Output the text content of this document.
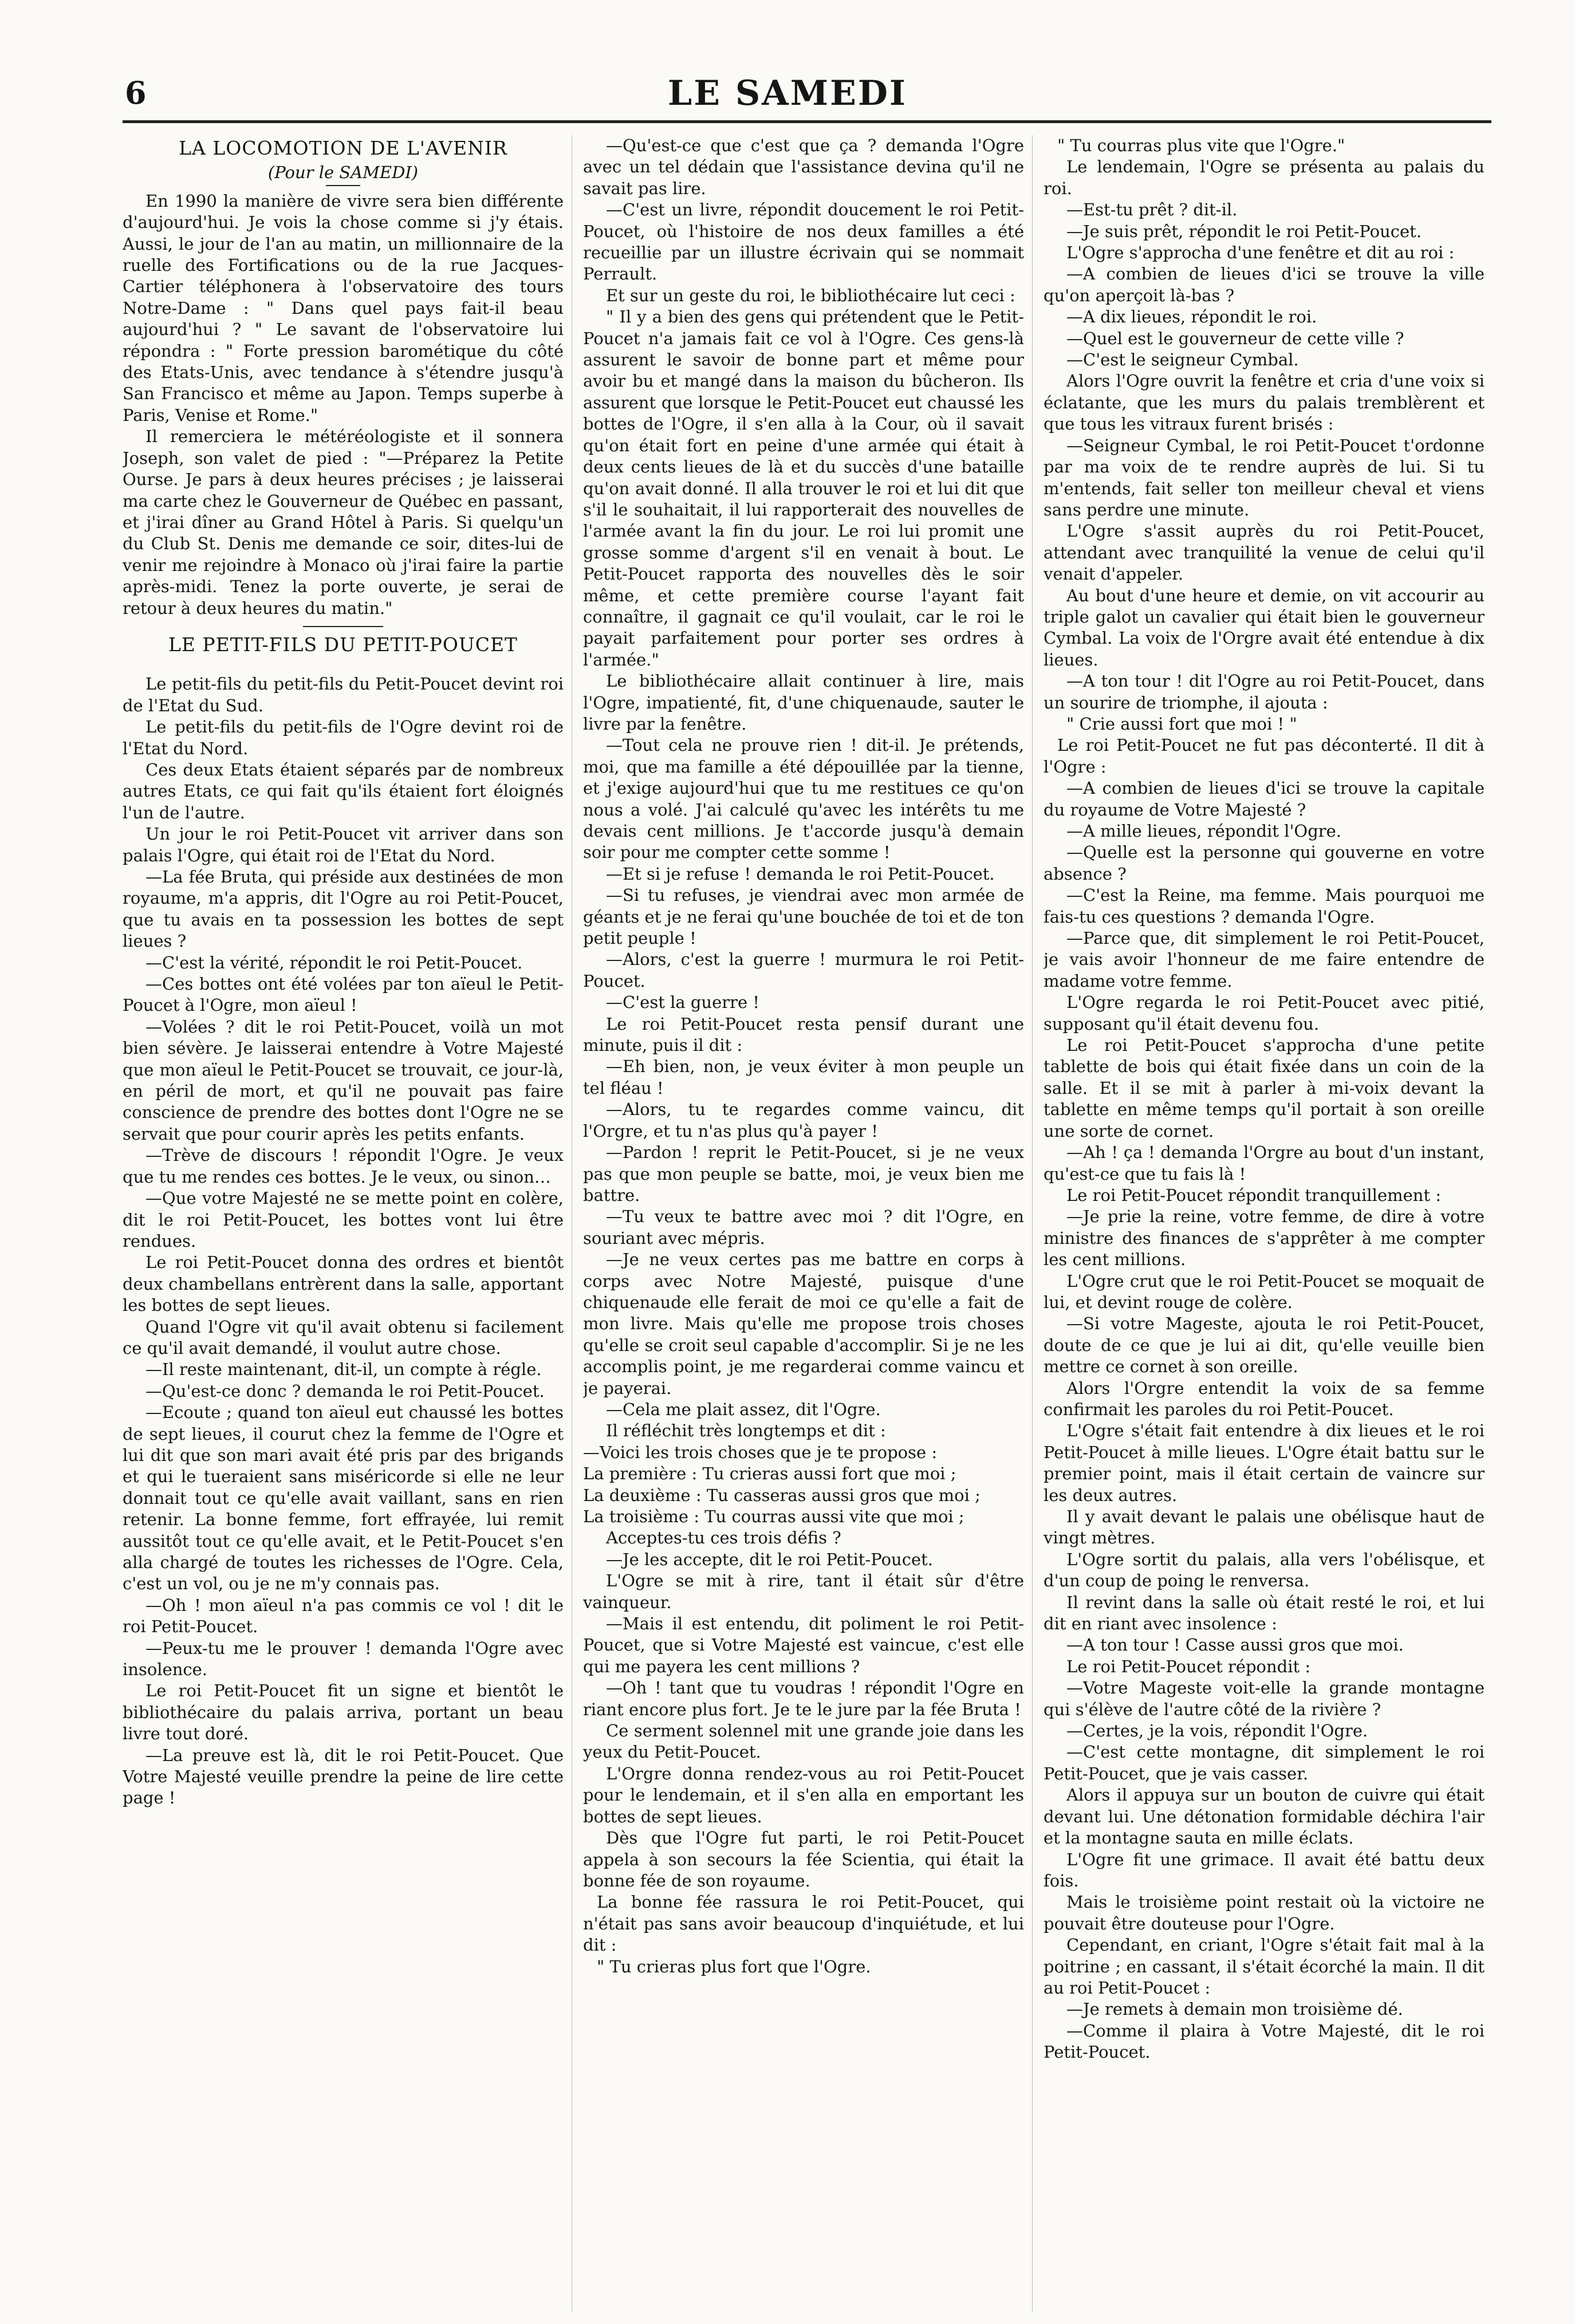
6	LE SAMEDI
LA LOCOMOTION DE L'AVENIR

(Pour le SAMEDI)

En 1990 la manière de vivre sera bien différente d'aujourd'hui. Je vois la chose comme si j'y étais. Aussi, le jour de l'an au matin, un millionnaire de la ruelle des Fortifications ou de la rue Jacques-Cartier téléphonera à l'observatoire des tours Notre-Dame : " Dans quel pays fait-il beau aujourd'hui ? " Le savant de l'observatoire lui répondra : " Forte pression barométique du côté des Etats-Unis, avec tendance à s'étendre jusqu'à San Francisco et même au Japon. Temps superbe à Paris, Venise et Rome."

Il remerciera le météréologiste et il sonnera Joseph, son valet de pied : "—Préparez la Petite Ourse. Je pars à deux heures précises ; je laisserai ma carte chez le Gouverneur de Québec en passant, et j'irai dîner au Grand Hôtel à Paris. Si quelqu'un du Club St. Denis me demande ce soir, dites-lui de venir me rejoindre à Monaco où j'irai faire la partie après-midi. Tenez la porte ouverte, je serai de retour à deux heures du matin."

LE PETIT-FILS DU PETIT-POUCET

Le petit-fils du petit-fils du Petit-Poucet devint roi de l'Etat du Sud.

Le petit-fils du petit-fils de l'Ogre devint roi de l'Etat du Nord.

Ces deux Etats étaient séparés par de nombreux autres Etats, ce qui fait qu'ils étaient fort éloignés l'un de l'autre.

Un jour le roi Petit-Poucet vit arriver dans son palais l'Ogre, qui était roi de l'Etat du Nord.

—La fée Bruta, qui préside aux destinées de mon royaume, m'a appris, dit l'Ogre au roi Petit-Poucet, que tu avais en ta possession les bottes de sept lieues ?

—C'est la vérité, répondit le roi Petit-Poucet.

—Ces bottes ont été volées par ton aïeul le Petit-Poucet à l'Ogre, mon aïeul !

—Volées ? dit le roi Petit-Poucet, voilà un mot bien sévère. Je laisserai entendre à Votre Majesté que mon aïeul le Petit-Poucet se trouvait, ce jour-là, en péril de mort, et qu'il ne pouvait pas faire conscience de prendre des bottes dont l'Ogre ne se servait que pour courir après les petits enfants.

—Trève de discours ! répondit l'Ogre. Je veux que tu me rendes ces bottes. Je le veux, ou sinon…

—Que votre Majesté ne se mette point en colère, dit le roi Petit-Poucet, les bottes vont lui être rendues.

Le roi Petit-Poucet donna des ordres et bientôt deux chambellans entrèrent dans la salle, apportant les bottes de sept lieues.

Quand l'Ogre vit qu'il avait obtenu si facilement ce qu'il avait demandé, il voulut autre chose.

—Il reste maintenant, dit-il, un compte à régle.

—Qu'est-ce donc ? demanda le roi Petit-Poucet.

—Ecoute ; quand ton aïeul eut chaussé les bottes de sept lieues, il courut chez la femme de l'Ogre et lui dit que son mari avait été pris par des brigands et qui le tueraient sans miséricorde si elle ne leur donnait tout ce qu'elle avait vaillant, sans en rien retenir. La bonne femme, fort effrayée, lui remit aussitôt tout ce qu'elle avait, et le Petit-Poucet s'en alla chargé de toutes les richesses de l'Ogre. Cela, c'est un vol, ou je ne m'y connais pas.

—Oh ! mon aïeul n'a pas commis ce vol ! dit le roi Petit-Poucet.

—Peux-tu me le prouver ! demanda l'Ogre avec insolence.

Le roi Petit-Poucet fit un signe et bientôt le bibliothécaire du palais arriva, portant un beau livre tout doré.

—La preuve est là, dit le roi Petit-Poucet. Que Votre Majesté veuille prendre la peine de lire cette page !

—Qu'est-ce que c'est que ça ? demanda l'Ogre avec un tel dédain que l'assistance devina qu'il ne savait pas lire.

—C'est un livre, répondit doucement le roi Petit-Poucet, où l'histoire de nos deux familles a été recueillie par un illustre écrivain qui se nommait Perrault.

Et sur un geste du roi, le bibliothécaire lut ceci :

" Il y a bien des gens qui prétendent que le Petit-Poucet n'a jamais fait ce vol à l'Ogre. Ces gens-là assurent le savoir de bonne part et même pour avoir bu et mangé dans la maison du bûcheron. Ils assurent que lorsque le Petit-Poucet eut chaussé les bottes de l'Ogre, il s'en alla à la Cour, où il savait qu'on était fort en peine d'une armée qui était à deux cents lieues de là et du succès d'une bataille qu'on avait donné. Il alla trouver le roi et lui dit que s'il le souhaitait, il lui rapporterait des nouvelles de l'armée avant la fin du jour. Le roi lui promit une grosse somme d'argent s'il en venait à bout. Le Petit-Poucet rapporta des nouvelles dès le soir même, et cette première course l'ayant fait connaître, il gagnait ce qu'il voulait, car le roi le payait parfaitement pour porter ses ordres à l'armée."

Le bibliothécaire allait continuer à lire, mais l'Ogre, impatienté, fit, d'une chiquenaude, sauter le livre par la fenêtre.

—Tout cela ne prouve rien ! dit-il. Je prétends, moi, que ma famille a été dépouillée par la tienne, et j'exige aujourd'hui que tu me restitues ce qu'on nous a volé. J'ai calculé qu'avec les intérêts tu me devais cent millions. Je t'accorde jusqu'à demain soir pour me compter cette somme !

—Et si je refuse ! demanda le roi Petit-Poucet.

—Si tu refuses, je viendrai avec mon armée de géants et je ne ferai qu'une bouchée de toi et de ton petit peuple !

—Alors, c'est la guerre ! murmura le roi Petit-Poucet.

—C'est la guerre !

Le roi Petit-Poucet resta pensif durant une minute, puis il dit :

—Eh bien, non, je veux éviter à mon peuple un tel fléau !

—Alors, tu te regardes comme vaincu, dit l'Orgre, et tu n'as plus qu'à payer !

—Pardon ! reprit le Petit-Poucet, si je ne veux pas que mon peuple se batte, moi, je veux bien me battre.

—Tu veux te battre avec moi ? dit l'Ogre, en souriant avec mépris.

—Je ne veux certes pas me battre en corps à corps avec Notre Majesté, puisque d'une chiquenaude elle ferait de moi ce qu'elle a fait de mon livre. Mais qu'elle me propose trois choses qu'elle se croit seul capable d'accomplir. Si je ne les accomplis point, je me regarderai comme vaincu et je payerai.

—Cela me plait assez, dit l'Ogre.

Il réfléchit très longtemps et dit :

—Voici les trois choses que je te propose :

La première : Tu crieras aussi fort que moi ;

La deuxième : Tu casseras aussi gros que moi ;

La troisième : Tu courras aussi vite que moi ;

Acceptes-tu ces trois défis ?

—Je les accepte, dit le roi Petit-Poucet.

L'Ogre se mit à rire, tant il était sûr d'être vainqueur.

—Mais il est entendu, dit poliment le roi Petit-Poucet, que si Votre Majesté est vaincue, c'est elle qui me payera les cent millions ?

—Oh ! tant que tu voudras ! répondit l'Ogre en riant encore plus fort. Je te le jure par la fée Bruta !

Ce serment solennel mit une grande joie dans les yeux du Petit-Poucet.

L'Orgre donna rendez-vous au roi Petit-Poucet pour le lendemain, et il s'en alla en emportant les bottes de sept lieues.

Dès que l'Ogre fut parti, le roi Petit-Poucet appela à son secours la fée Scientia, qui était la bonne fée de son royaume.

La bonne fée rassura le roi Petit-Poucet, qui n'était pas sans avoir beaucoup d'inquiétude, et lui dit :

" Tu crieras plus fort que l'Ogre.

" Tu courras plus vite que l'Ogre."

Le lendemain, l'Ogre se présenta au palais du roi.

—Est-tu prêt ? dit-il.

—Je suis prêt, répondit le roi Petit-Poucet.

L'Ogre s'approcha d'une fenêtre et dit au roi :

—A combien de lieues d'ici se trouve la ville qu'on aperçoit là-bas ?

—A dix lieues, répondit le roi.

—Quel est le gouverneur de cette ville ?

—C'est le seigneur Cymbal.

Alors l'Ogre ouvrit la fenêtre et cria d'une voix si éclatante, que les murs du palais tremblèrent et que tous les vitraux furent brisés :

—Seigneur Cymbal, le roi Petit-Poucet t'ordonne par ma voix de te rendre auprès de lui. Si tu m'entends, fait seller ton meilleur cheval et viens sans perdre une minute.

L'Ogre s'assit auprès du roi Petit-Poucet, attendant avec tranquilité la venue de celui qu'il venait d'appeler.

Au bout d'une heure et demie, on vit accourir au triple galot un cavalier qui était bien le gouverneur Cymbal. La voix de l'Orgre avait été entendue à dix lieues.

—A ton tour ! dit l'Ogre au roi Petit-Poucet, dans un sourire de triomphe, il ajouta :

" Crie aussi fort que moi ! "

Le roi Petit-Poucet ne fut pas déconterté. Il dit à l'Ogre :

—A combien de lieues d'ici se trouve la capitale du royaume de Votre Majesté ?

—A mille lieues, répondit l'Ogre.

—Quelle est la personne qui gouverne en votre absence ?

—C'est la Reine, ma femme. Mais pourquoi me fais-tu ces questions ? demanda l'Ogre.

—Parce que, dit simplement le roi Petit-Poucet, je vais avoir l'honneur de me faire entendre de madame votre femme.

L'Ogre regarda le roi Petit-Poucet avec pitié, supposant qu'il était devenu fou.

Le roi Petit-Poucet s'approcha d'une petite tablette de bois qui était fixée dans un coin de la salle. Et il se mit à parler à mi-voix devant la tablette en même temps qu'il portait à son oreille une sorte de cornet.

—Ah ! ça ! demanda l'Orgre au bout d'un instant, qu'est-ce que tu fais là !

Le roi Petit-Poucet répondit tranquillement :

—Je prie la reine, votre femme, de dire à votre ministre des finances de s'apprêter à me compter les cent millions.

L'Ogre crut que le roi Petit-Poucet se moquait de lui, et devint rouge de colère.

—Si votre Mageste, ajouta le roi Petit-Poucet, doute de ce que je lui ai dit, qu'elle veuille bien mettre ce cornet à son oreille.

Alors l'Orgre entendit la voix de sa femme confirmait les paroles du roi Petit-Poucet.

L'Ogre s'était fait entendre à dix lieues et le roi Petit-Poucet à mille lieues. L'Ogre était battu sur le premier point, mais il était certain de vaincre sur les deux autres.

Il y avait devant le palais une obélisque haut de vingt mètres.

L'Ogre sortit du palais, alla vers l'obélisque, et d'un coup de poing le renversa.

Il revint dans la salle où était resté le roi, et lui dit en riant avec insolence :

—A ton tour ! Casse aussi gros que moi.

Le roi Petit-Poucet répondit :

—Votre Mageste voit-elle la grande montagne qui s'élève de l'autre côté de la rivière ?

—Certes, je la vois, répondit l'Ogre.

—C'est cette montagne, dit simplement le roi Petit-Poucet, que je vais casser.

Alors il appuya sur un bouton de cuivre qui était devant lui. Une détonation formidable déchira l'air et la montagne sauta en mille éclats.

L'Ogre fit une grimace. Il avait été battu deux fois.

Mais le troisième point restait où la victoire ne pouvait être douteuse pour l'Ogre.

Cependant, en criant, l'Ogre s'était fait mal à la poitrine ; en cassant, il s'était écorché la main. Il dit au roi Petit-Poucet :

—Je remets à demain mon troisième dé.

—Comme il plaira à Votre Majesté, dit le roi Petit-Poucet.
